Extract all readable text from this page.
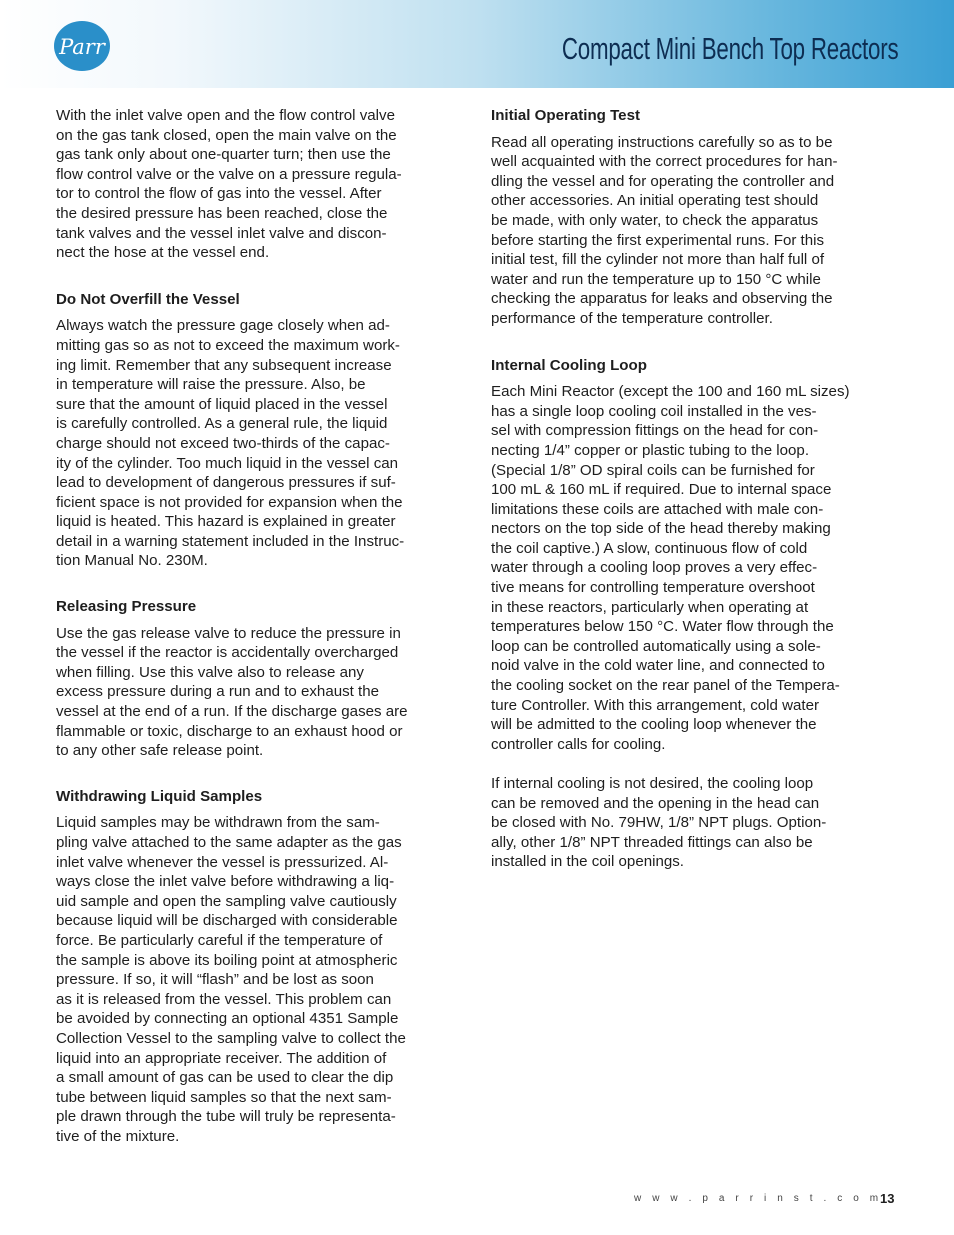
Parr	Compact Mini Bench Top Reactors

With the inlet valve open and the flow control valve
on the gas tank closed, open the main valve on the
gas tank only about one-quarter turn; then use the
flow control valve or the valve on a pressure regula-
tor to control the flow of gas into the vessel. After
the desired pressure has been reached, close the
tank valves and the vessel inlet valve and discon-
nect the hose at the vessel end.

Do Not Overfill the Vessel

Always watch the pressure gage closely when ad-
mitting gas so as not to exceed the maximum work-
ing limit. Remember that any subsequent increase
in temperature will raise the pressure. Also, be
sure that the amount of liquid placed in the vessel
is carefully controlled. As a general rule, the liquid
charge should not exceed two-thirds of the capac-
ity of the cylinder. Too much liquid in the vessel can
lead to development of dangerous pressures if suf-
ficient space is not provided for expansion when the
liquid is heated. This hazard is explained in greater
detail in a warning statement included in the Instruc-
tion Manual No. 230M.

Releasing Pressure

Use the gas release valve to reduce the pressure in
the vessel if the reactor is accidentally overcharged
when filling. Use this valve also to release any
excess pressure during a run and to exhaust the
vessel at the end of a run. If the discharge gases are
flammable or toxic, discharge to an exhaust hood or
to any other safe release point.

Withdrawing Liquid Samples

Liquid samples may be withdrawn from the sam-
pling valve attached to the same adapter as the gas
inlet valve whenever the vessel is pressurized. Al-
ways close the inlet valve before withdrawing a liq-
uid sample and open the sampling valve cautiously
because liquid will be discharged with considerable
force. Be particularly careful if the temperature of
the sample is above its boiling point at atmospheric
pressure. If so, it will “flash” and be lost as soon
as it is released from the vessel. This problem can
be avoided by connecting an optional 4351 Sample
Collection Vessel to the sampling valve to collect the
liquid into an appropriate receiver. The addition of
a small amount of gas can be used to clear the dip
tube between liquid samples so that the next sam-
ple drawn through the tube will truly be representa-
tive of the mixture.

Initial Operating Test

Read all operating instructions carefully so as to be
well acquainted with the correct procedures for han-
dling the vessel and for operating the controller and
other accessories. An initial operating test should
be made, with only water, to check the apparatus
before starting the first experimental runs. For this
initial test, fill the cylinder not more than half full of
water and run the temperature up to 150 °C while
checking the apparatus for leaks and observing the
performance of the temperature controller.

Internal Cooling Loop

Each Mini Reactor (except the 100 and 160 mL sizes)
has a single loop cooling coil installed in the ves-
sel with compression fittings on the head for con-
necting 1/4” copper or plastic tubing to the loop.
(Special 1/8” OD spiral coils can be furnished for
100 mL & 160 mL if required. Due to internal space
limitations these coils are attached with male con-
nectors on the top side of the head thereby making
the coil captive.) A slow, continuous flow of cold
water through a cooling loop proves a very effec-
tive means for controlling temperature overshoot
in these reactors, particularly when operating at
temperatures below 150 °C. Water flow through the
loop can be controlled automatically using a sole-
noid valve in the cold water line, and connected to
the cooling socket on the rear panel of the Tempera-
ture Controller. With this arrangement, cold water
will be admitted to the cooling loop whenever the
controller calls for cooling.

If internal cooling is not desired, the cooling loop
can be removed and the opening in the head can
be closed with No. 79HW, 1/8” NPT plugs. Option-
ally, other 1/8” NPT threaded fittings can also be
installed in the coil openings.

w w w . p a r r i n s t . c o m
13
